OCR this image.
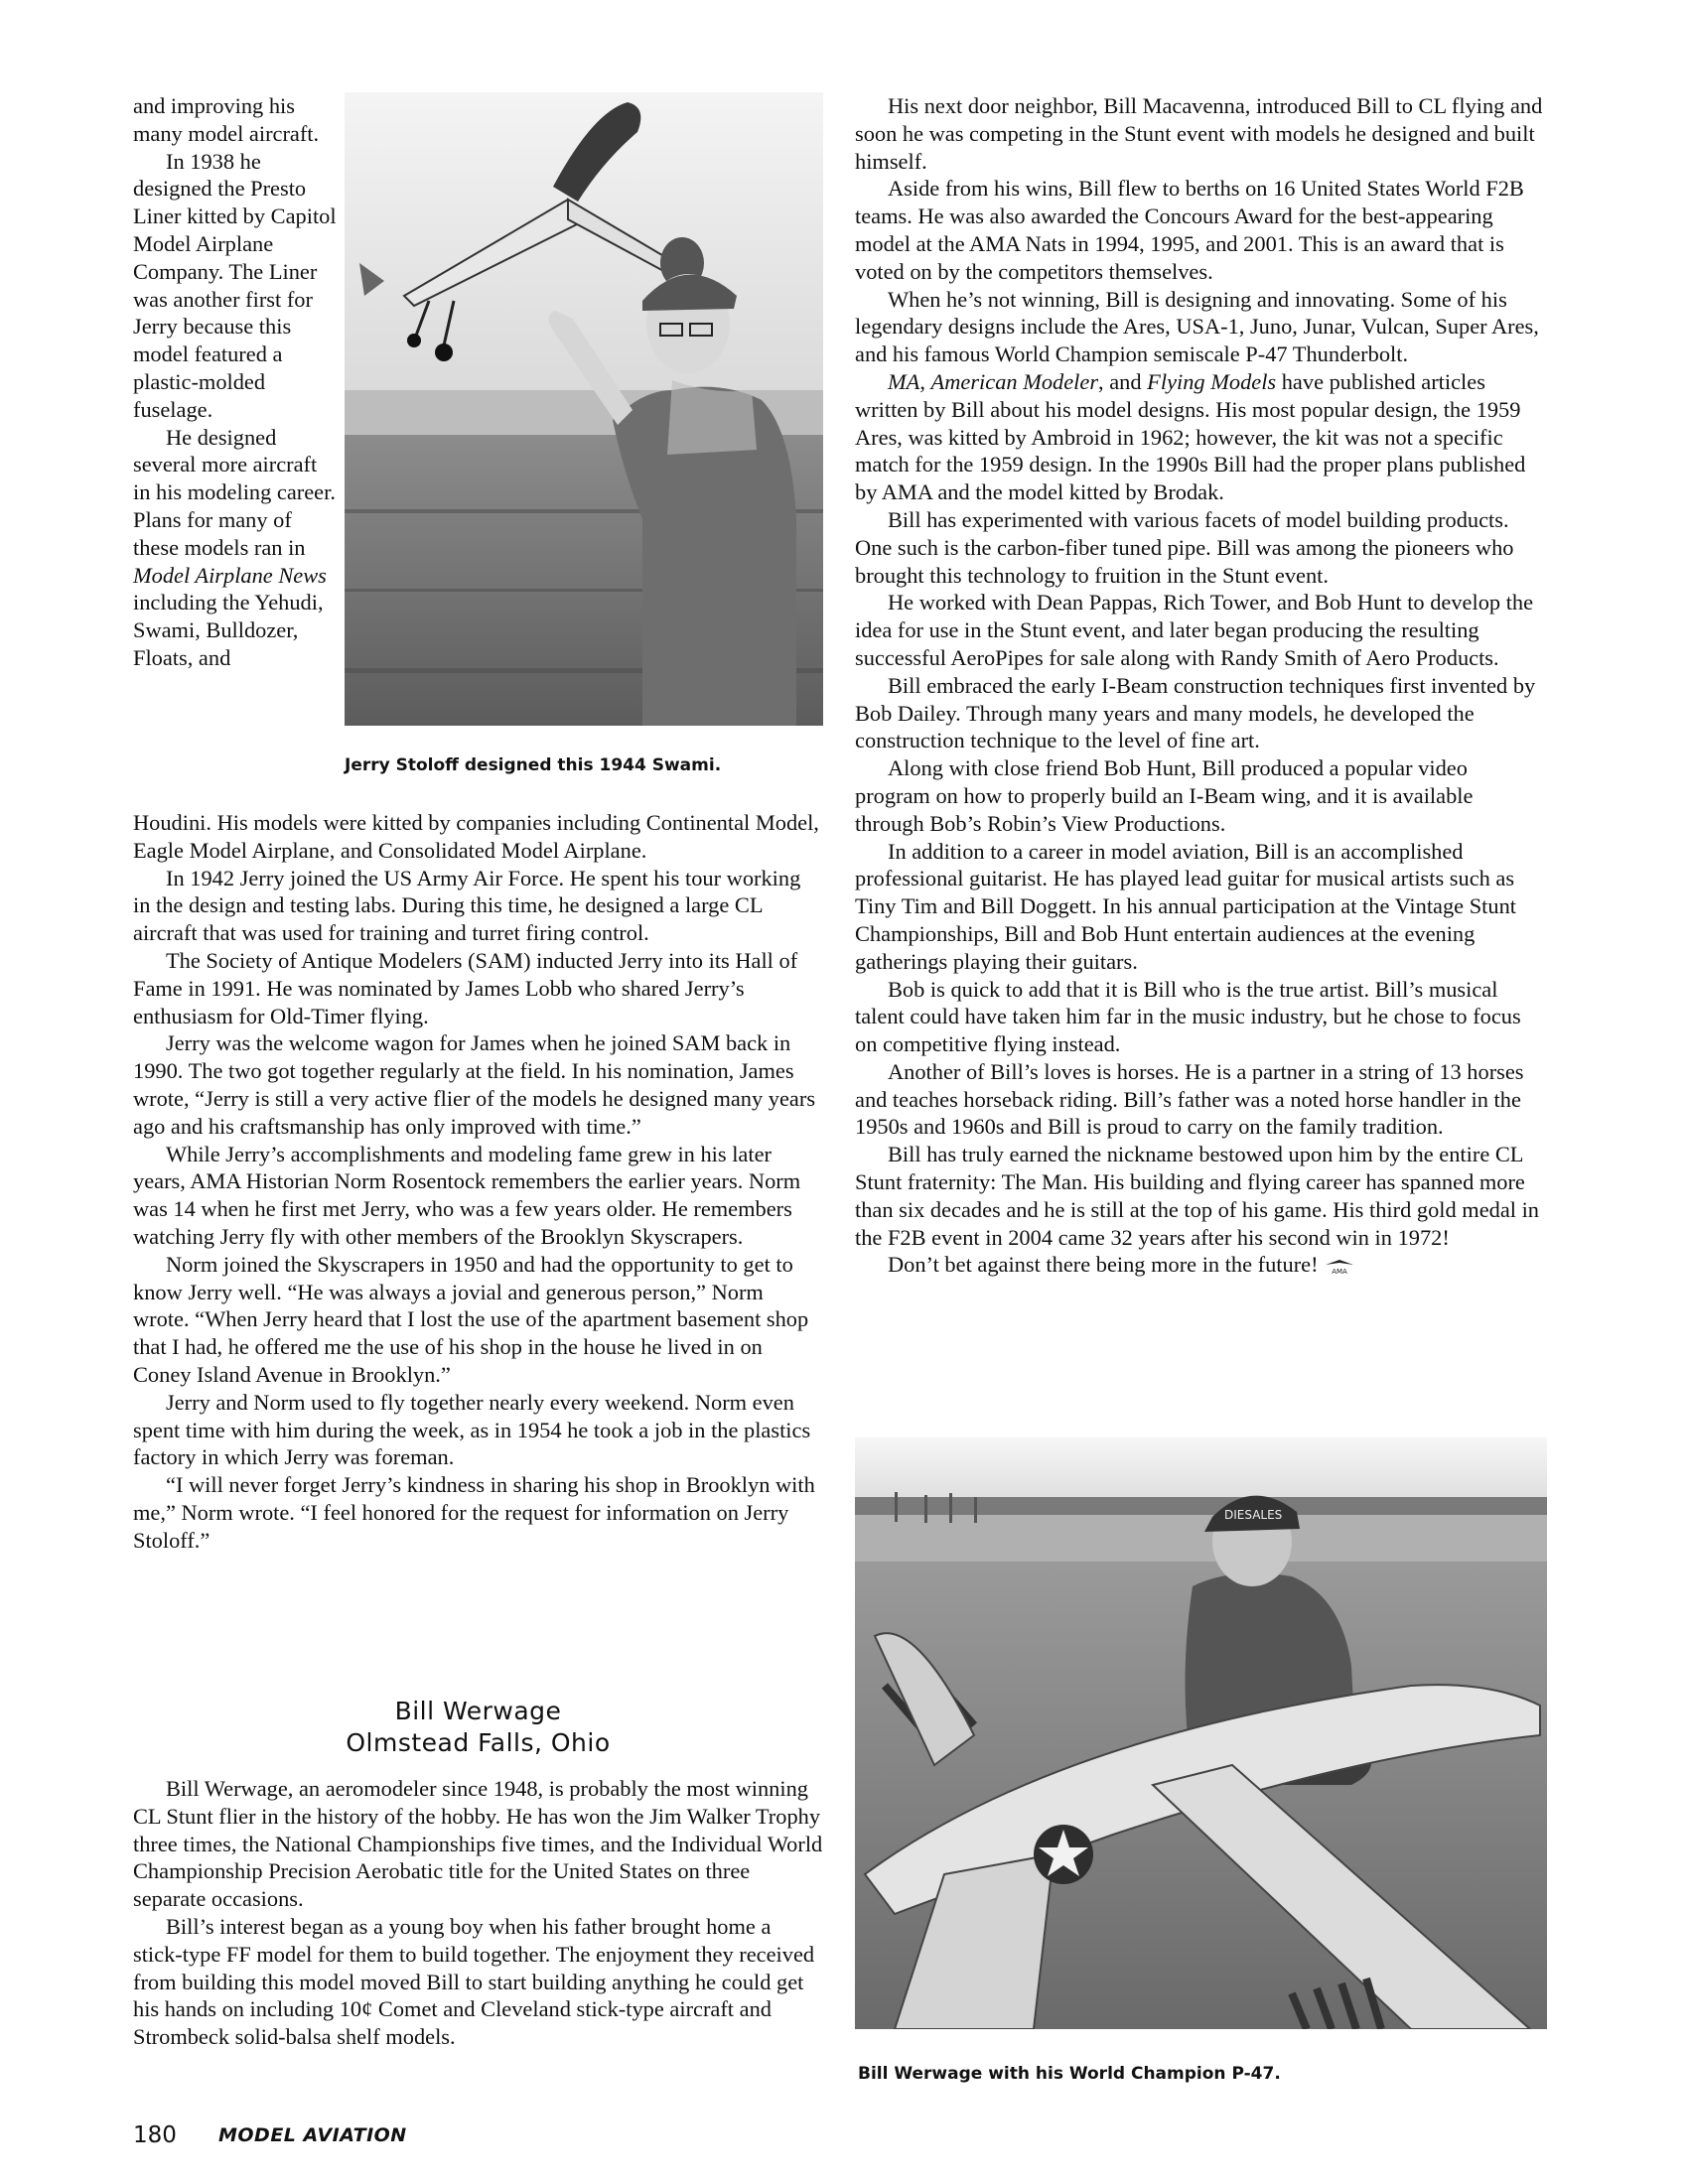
and improving his many model aircraft.

In 1938 he designed the Presto Liner kitted by Capitol Model Airplane Company. The Liner was another first for Jerry because this model featured a plastic-molded fuselage.

He designed several more aircraft in his modeling career. Plans for many of these models ran in Model Airplane News including the Yehudi, Swami, Bulldozer, Floats, and

Jerry Stoloff designed this 1944 Swami.

Houdini. His models were kitted by companies including Continental Model, Eagle Model Airplane, and Consolidated Model Airplane.

In 1942 Jerry joined the US Army Air Force. He spent his tour working in the design and testing labs. During this time, he designed a large CL aircraft that was used for training and turret firing control.

The Society of Antique Modelers (SAM) inducted Jerry into its Hall of Fame in 1991. He was nominated by James Lobb who shared Jerry’s enthusiasm for Old-Timer flying.

Jerry was the welcome wagon for James when he joined SAM back in 1990. The two got together regularly at the field. In his nomination, James wrote, “Jerry is still a very active flier of the models he designed many years ago and his craftsmanship has only improved with time.”

While Jerry’s accomplishments and modeling fame grew in his later years, AMA Historian Norm Rosentock remembers the earlier years. Norm was 14 when he first met Jerry, who was a few years older. He remembers watching Jerry fly with other members of the Brooklyn Skyscrapers.

Norm joined the Skyscrapers in 1950 and had the opportunity to get to know Jerry well. “He was always a jovial and generous person,” Norm wrote. “When Jerry heard that I lost the use of the apartment basement shop that I had, he offered me the use of his shop in the house he lived in on Coney Island Avenue in Brooklyn.”

Jerry and Norm used to fly together nearly every weekend. Norm even spent time with him during the week, as in 1954 he took a job in the plastics factory in which Jerry was foreman.

“I will never forget Jerry’s kindness in sharing his shop in Brooklyn with me,” Norm wrote. “I feel honored for the request for information on Jerry Stoloff.”

Bill Werwage
Olmstead Falls, Ohio

Bill Werwage, an aeromodeler since 1948, is probably the most winning CL Stunt flier in the history of the hobby. He has won the Jim Walker Trophy three times, the National Championships five times, and the Individual World Championship Precision Aerobatic title for the United States on three separate occasions.

Bill’s interest began as a young boy when his father brought home a stick-type FF model for them to build together. The enjoyment they received from building this model moved Bill to start building anything he could get his hands on including 10¢ Comet and Cleveland stick-type aircraft and Strombeck solid-balsa shelf models.

His next door neighbor, Bill Macavenna, introduced Bill to CL flying and soon he was competing in the Stunt event with models he designed and built himself.

Aside from his wins, Bill flew to berths on 16 United States World F2B teams. He was also awarded the Concours Award for the best-appearing model at the AMA Nats in 1994, 1995, and 2001. This is an award that is voted on by the competitors themselves.

When he’s not winning, Bill is designing and innovating. Some of his legendary designs include the Ares, USA-1, Juno, Junar, Vulcan, Super Ares, and his famous World Champion semiscale P-47 Thunderbolt.

MA, American Modeler, and Flying Models have published articles written by Bill about his model designs. His most popular design, the 1959 Ares, was kitted by Ambroid in 1962; however, the kit was not a specific match for the 1959 design. In the 1990s Bill had the proper plans published by AMA and the model kitted by Brodak.

Bill has experimented with various facets of model building products. One such is the carbon-fiber tuned pipe. Bill was among the pioneers who brought this technology to fruition in the Stunt event.

He worked with Dean Pappas, Rich Tower, and Bob Hunt to develop the idea for use in the Stunt event, and later began producing the resulting successful AeroPipes for sale along with Randy Smith of Aero Products.

Bill embraced the early I-Beam construction techniques first invented by Bob Dailey. Through many years and many models, he developed the construction technique to the level of fine art.

Along with close friend Bob Hunt, Bill produced a popular video program on how to properly build an I-Beam wing, and it is available through Bob’s Robin’s View Productions.

In addition to a career in model aviation, Bill is an accomplished professional guitarist. He has played lead guitar for musical artists such as Tiny Tim and Bill Doggett. In his annual participation at the Vintage Stunt Championships, Bill and Bob Hunt entertain audiences at the evening gatherings playing their guitars.

Bob is quick to add that it is Bill who is the true artist. Bill’s musical talent could have taken him far in the music industry, but he chose to focus on competitive flying instead.

Another of Bill’s loves is horses. He is a partner in a string of 13 horses and teaches horseback riding. Bill’s father was a noted horse handler in the 1950s and 1960s and Bill is proud to carry on the family tradition.

Bill has truly earned the nickname bestowed upon him by the entire CL Stunt fraternity: The Man. His building and flying career has spanned more than six decades and he is still at the top of his game. His third gold medal in the F2B event in 2004 came 32 years after his second win in 1972!

Don’t bet against there being more in the future! AMA

DIESALES
Bill Werwage with his World Champion P-47.
180 MODEL AVIATION
